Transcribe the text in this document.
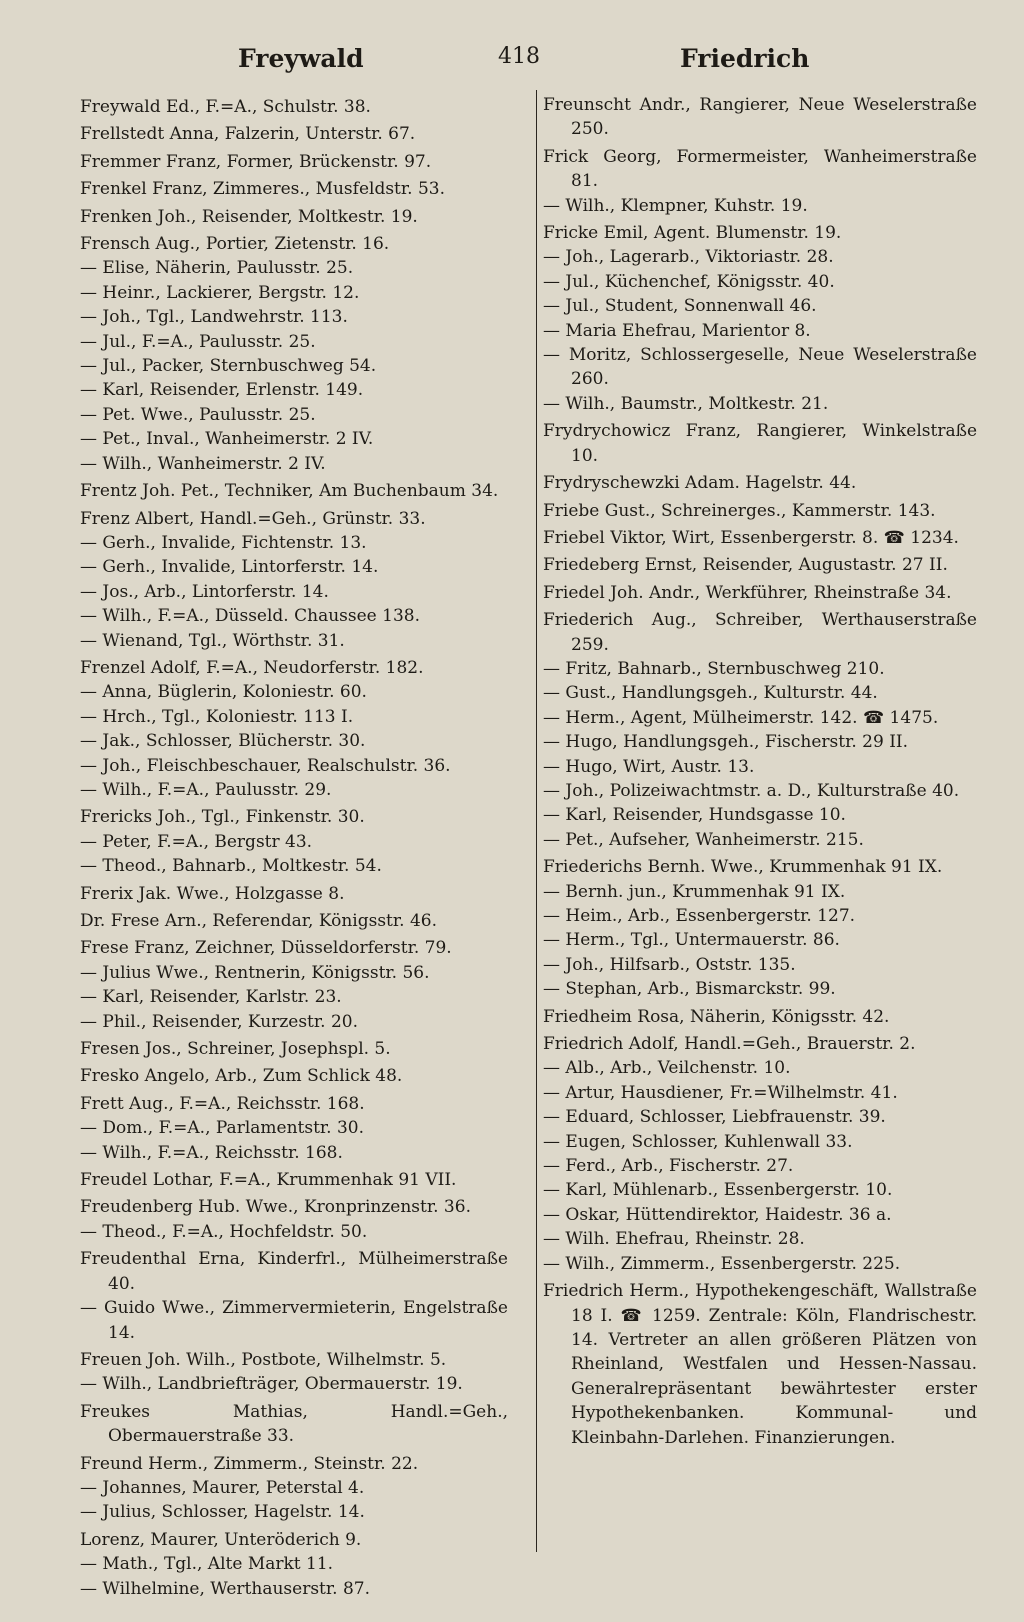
Freywald	418	Friedrich

Freywald Ed., F.=A., Schulstr. 38.

Frellstedt Anna, Falzerin, Unterstr. 67.

Fremmer Franz, Former, Brückenstr. 97.

Frenkel Franz, Zimmeres., Musfeldstr. 53.

Frenken Joh., Reisender, Moltkestr. 19.

Frensch Aug., Portier, Zietenstr. 16.

— Elise, Näherin, Paulusstr. 25.

— Heinr., Lackierer, Bergstr. 12.

— Joh., Tgl., Landwehrstr. 113.

— Jul., F.=A., Paulusstr. 25.

— Jul., Packer, Sternbuschweg 54.

— Karl, Reisender, Erlenstr. 149.

— Pet. Wwe., Paulusstr. 25.

— Pet., Inval., Wanheimerstr. 2 IV.

— Wilh., Wanheimerstr. 2 IV.

Frentz Joh. Pet., Techniker, Am Buchenbaum 34.

Frenz Albert, Handl.=Geh., Grünstr. 33.

— Gerh., Invalide, Fichtenstr. 13.

— Gerh., Invalide, Lintorferstr. 14.

— Jos., Arb., Lintorferstr. 14.

— Wilh., F.=A., Düsseld. Chaussee 138.

— Wienand, Tgl., Wörthstr. 31.

Frenzel Adolf, F.=A., Neudorferstr. 182.

— Anna, Büglerin, Koloniestr. 60.

— Hrch., Tgl., Koloniestr. 113 I.

— Jak., Schlosser, Blücherstr. 30.

— Joh., Fleischbeschauer, Realschulstr. 36.

— Wilh., F.=A., Paulusstr. 29.

Frericks Joh., Tgl., Finkenstr. 30.

— Peter, F.=A., Bergstr 43.

— Theod., Bahnarb., Moltkestr. 54.

Frerix Jak. Wwe., Holzgasse 8.

Dr. Frese Arn., Referendar, Königsstr. 46.

Frese Franz, Zeichner, Düsseldorferstr. 79.

— Julius Wwe., Rentnerin, Königsstr. 56.

— Karl, Reisender, Karlstr. 23.

— Phil., Reisender, Kurzestr. 20.

Fresen Jos., Schreiner, Josephspl. 5.

Fresko Angelo, Arb., Zum Schlick 48.

Frett Aug., F.=A., Reichsstr. 168.

— Dom., F.=A., Parlamentstr. 30.

— Wilh., F.=A., Reichsstr. 168.

Freudel Lothar, F.=A., Krummenhak 91 VII.

Freudenberg Hub. Wwe., Kronprinzenstr. 36.

— Theod., F.=A., Hochfeldstr. 50.

Freudenthal Erna, Kinderfrl., Mülheimerstraße 40.

— Guido Wwe., Zimmervermieterin, Engelstraße 14.

Freuen Joh. Wilh., Postbote, Wilhelmstr. 5.

— Wilh., Landbriefträger, Obermauerstr. 19.

Freukes Mathias, Handl.=Geh., Obermauerstraße 33.

Freund Herm., Zimmerm., Steinstr. 22.

— Johannes, Maurer, Peterstal 4.

— Julius, Schlosser, Hagelstr. 14.

Lorenz, Maurer, Unteröderich 9.

— Math., Tgl., Alte Markt 11.

— Wilhelmine, Werthauserstr. 87.

Freunscht Andr., Rangierer, Neue Weselerstraße 250.

Frick Georg, Formermeister, Wanheimerstraße 81.

— Wilh., Klempner, Kuhstr. 19.

Fricke Emil, Agent. Blumenstr. 19.

— Joh., Lagerarb., Viktoriastr. 28.

— Jul., Küchenchef, Königsstr. 40.

— Jul., Student, Sonnenwall 46.

— Maria Ehefrau, Marientor 8.

— Moritz, Schlossergeselle, Neue Weselerstraße 260.

— Wilh., Baumstr., Moltkestr. 21.

Frydrychowicz Franz, Rangierer, Winkelstraße 10.

Frydryschewzki Adam. Hagelstr. 44.

Friebe Gust., Schreinerges., Kammerstr. 143.

Friebel Viktor, Wirt, Essenbergerstr. 8. ☎ 1234.

Friedeberg Ernst, Reisender, Augustastr. 27 II.

Friedel Joh. Andr., Werkführer, Rheinstraße 34.

Friederich Aug., Schreiber, Werthauserstraße 259.

— Fritz, Bahnarb., Sternbuschweg 210.

— Gust., Handlungsgeh., Kulturstr. 44.

— Herm., Agent, Mülheimerstr. 142. ☎ 1475.

— Hugo, Handlungsgeh., Fischerstr. 29 II.

— Hugo, Wirt, Austr. 13.

— Joh., Polizeiwachtmstr. a. D., Kulturstraße 40.

— Karl, Reisender, Hundsgasse 10.

— Pet., Aufseher, Wanheimerstr. 215.

Friederichs Bernh. Wwe., Krummenhak 91 IX.

— Bernh. jun., Krummenhak 91 IX.

— Heim., Arb., Essenbergerstr. 127.

— Herm., Tgl., Untermauerstr. 86.

— Joh., Hilfsarb., Oststr. 135.

— Stephan, Arb., Bismarckstr. 99.

Friedheim Rosa, Näherin, Königsstr. 42.

Friedrich Adolf, Handl.=Geh., Brauerstr. 2.

— Alb., Arb., Veilchenstr. 10.

— Artur, Hausdiener, Fr.=Wilhelmstr. 41.

— Eduard, Schlosser, Liebfrauenstr. 39.

— Eugen, Schlosser, Kuhlenwall 33.

— Ferd., Arb., Fischerstr. 27.

— Karl, Mühlenarb., Essenbergerstr. 10.

— Oskar, Hüttendirektor, Haidestr. 36 a.

— Wilh. Ehefrau, Rheinstr. 28.

— Wilh., Zimmerm., Essenbergerstr. 225.

Friedrich Herm., Hypothekengeschäft, Wallstraße 18 I. ☎ 1259. Zentrale: Köln, Flandrischestr. 14. Vertreter an allen größeren Plätzen von Rheinland, Westfalen und Hessen-Nassau. Generalrepräsentant bewährtester erster Hypothekenbanken. Kommunal- und Kleinbahn-Darlehen. Finanzierungen.
